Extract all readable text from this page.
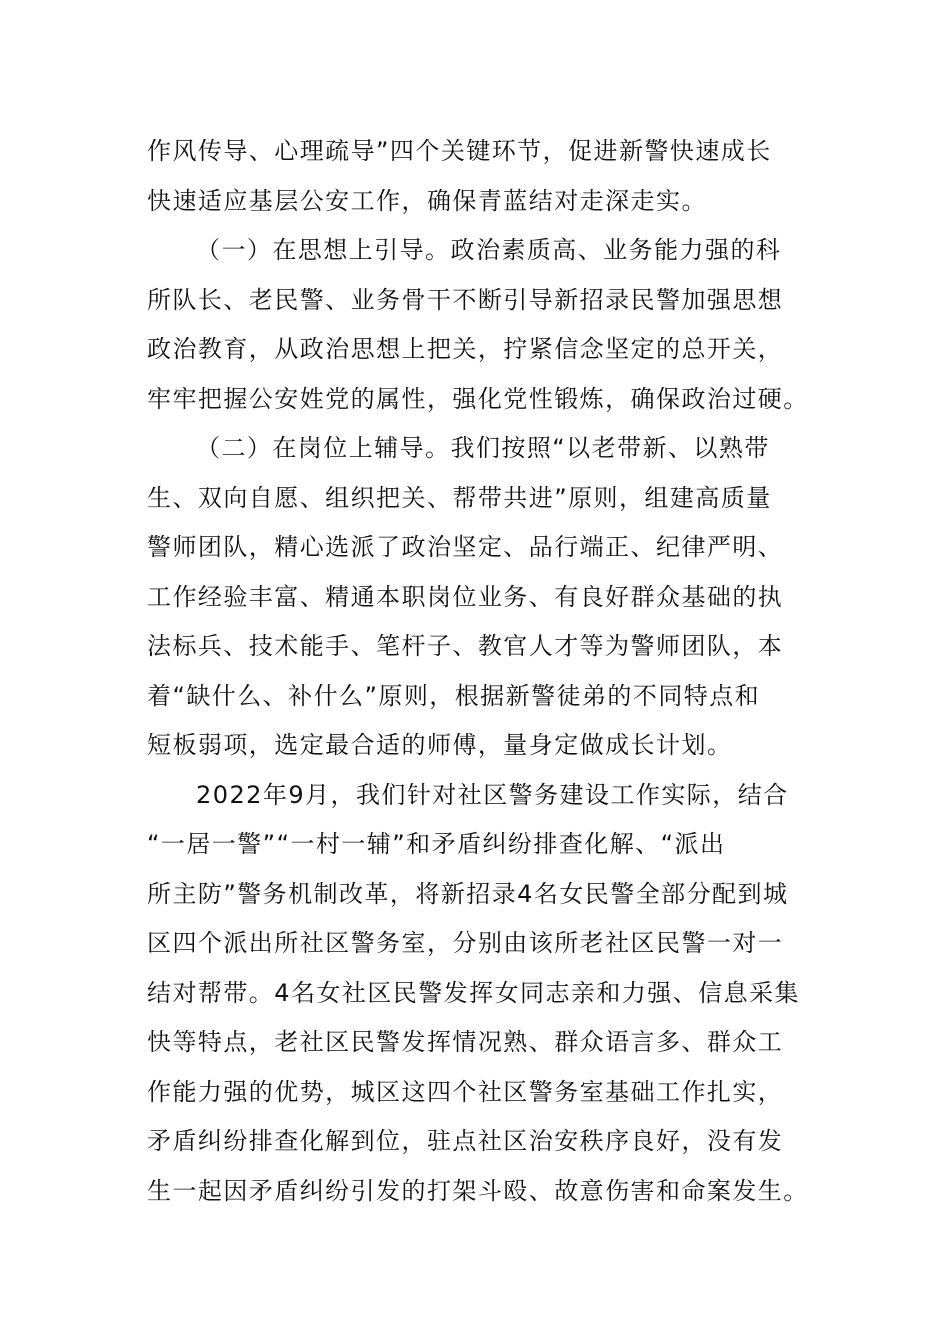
作风传导、心理疏导”四个关键环节，促进新警快速成长
快速适应基层公安工作，确保青蓝结对走深走实。
（一）在思想上引导。政治素质高、业务能力强的科
所队长、老民警、业务骨干不断引导新招录民警加强思想
政治教育，从政治思想上把关，拧紧信念坚定的总开关，
牢牢把握公安姓党的属性，强化党性锻炼，确保政治过硬。
（二）在岗位上辅导。我们按照“以老带新、以熟带
生、双向自愿、组织把关、帮带共进”原则，组建高质量
警师团队，精心选派了政治坚定、品行端正、纪律严明、
工作经验丰富、精通本职岗位业务、有良好群众基础的执
法标兵、技术能手、笔杆子、教官人才等为警师团队，本
着“缺什么、补什么”原则，根据新警徒弟的不同特点和
短板弱项，选定最合适的师傅，量身定做成长计划。
2022年9月，我们针对社区警务建设工作实际，结合
“一居一警”“一村一辅”和矛盾纠纷排查化解、“派出
所主防”警务机制改革，将新招录4名女民警全部分配到城
区四个派出所社区警务室，分别由该所老社区民警一对一
结对帮带。4名女社区民警发挥女同志亲和力强、信息采集
快等特点，老社区民警发挥情况熟、群众语言多、群众工
作能力强的优势，城区这四个社区警务室基础工作扎实，
矛盾纠纷排查化解到位，驻点社区治安秩序良好，没有发
生一起因矛盾纠纷引发的打架斗殴、故意伤害和命案发生。
